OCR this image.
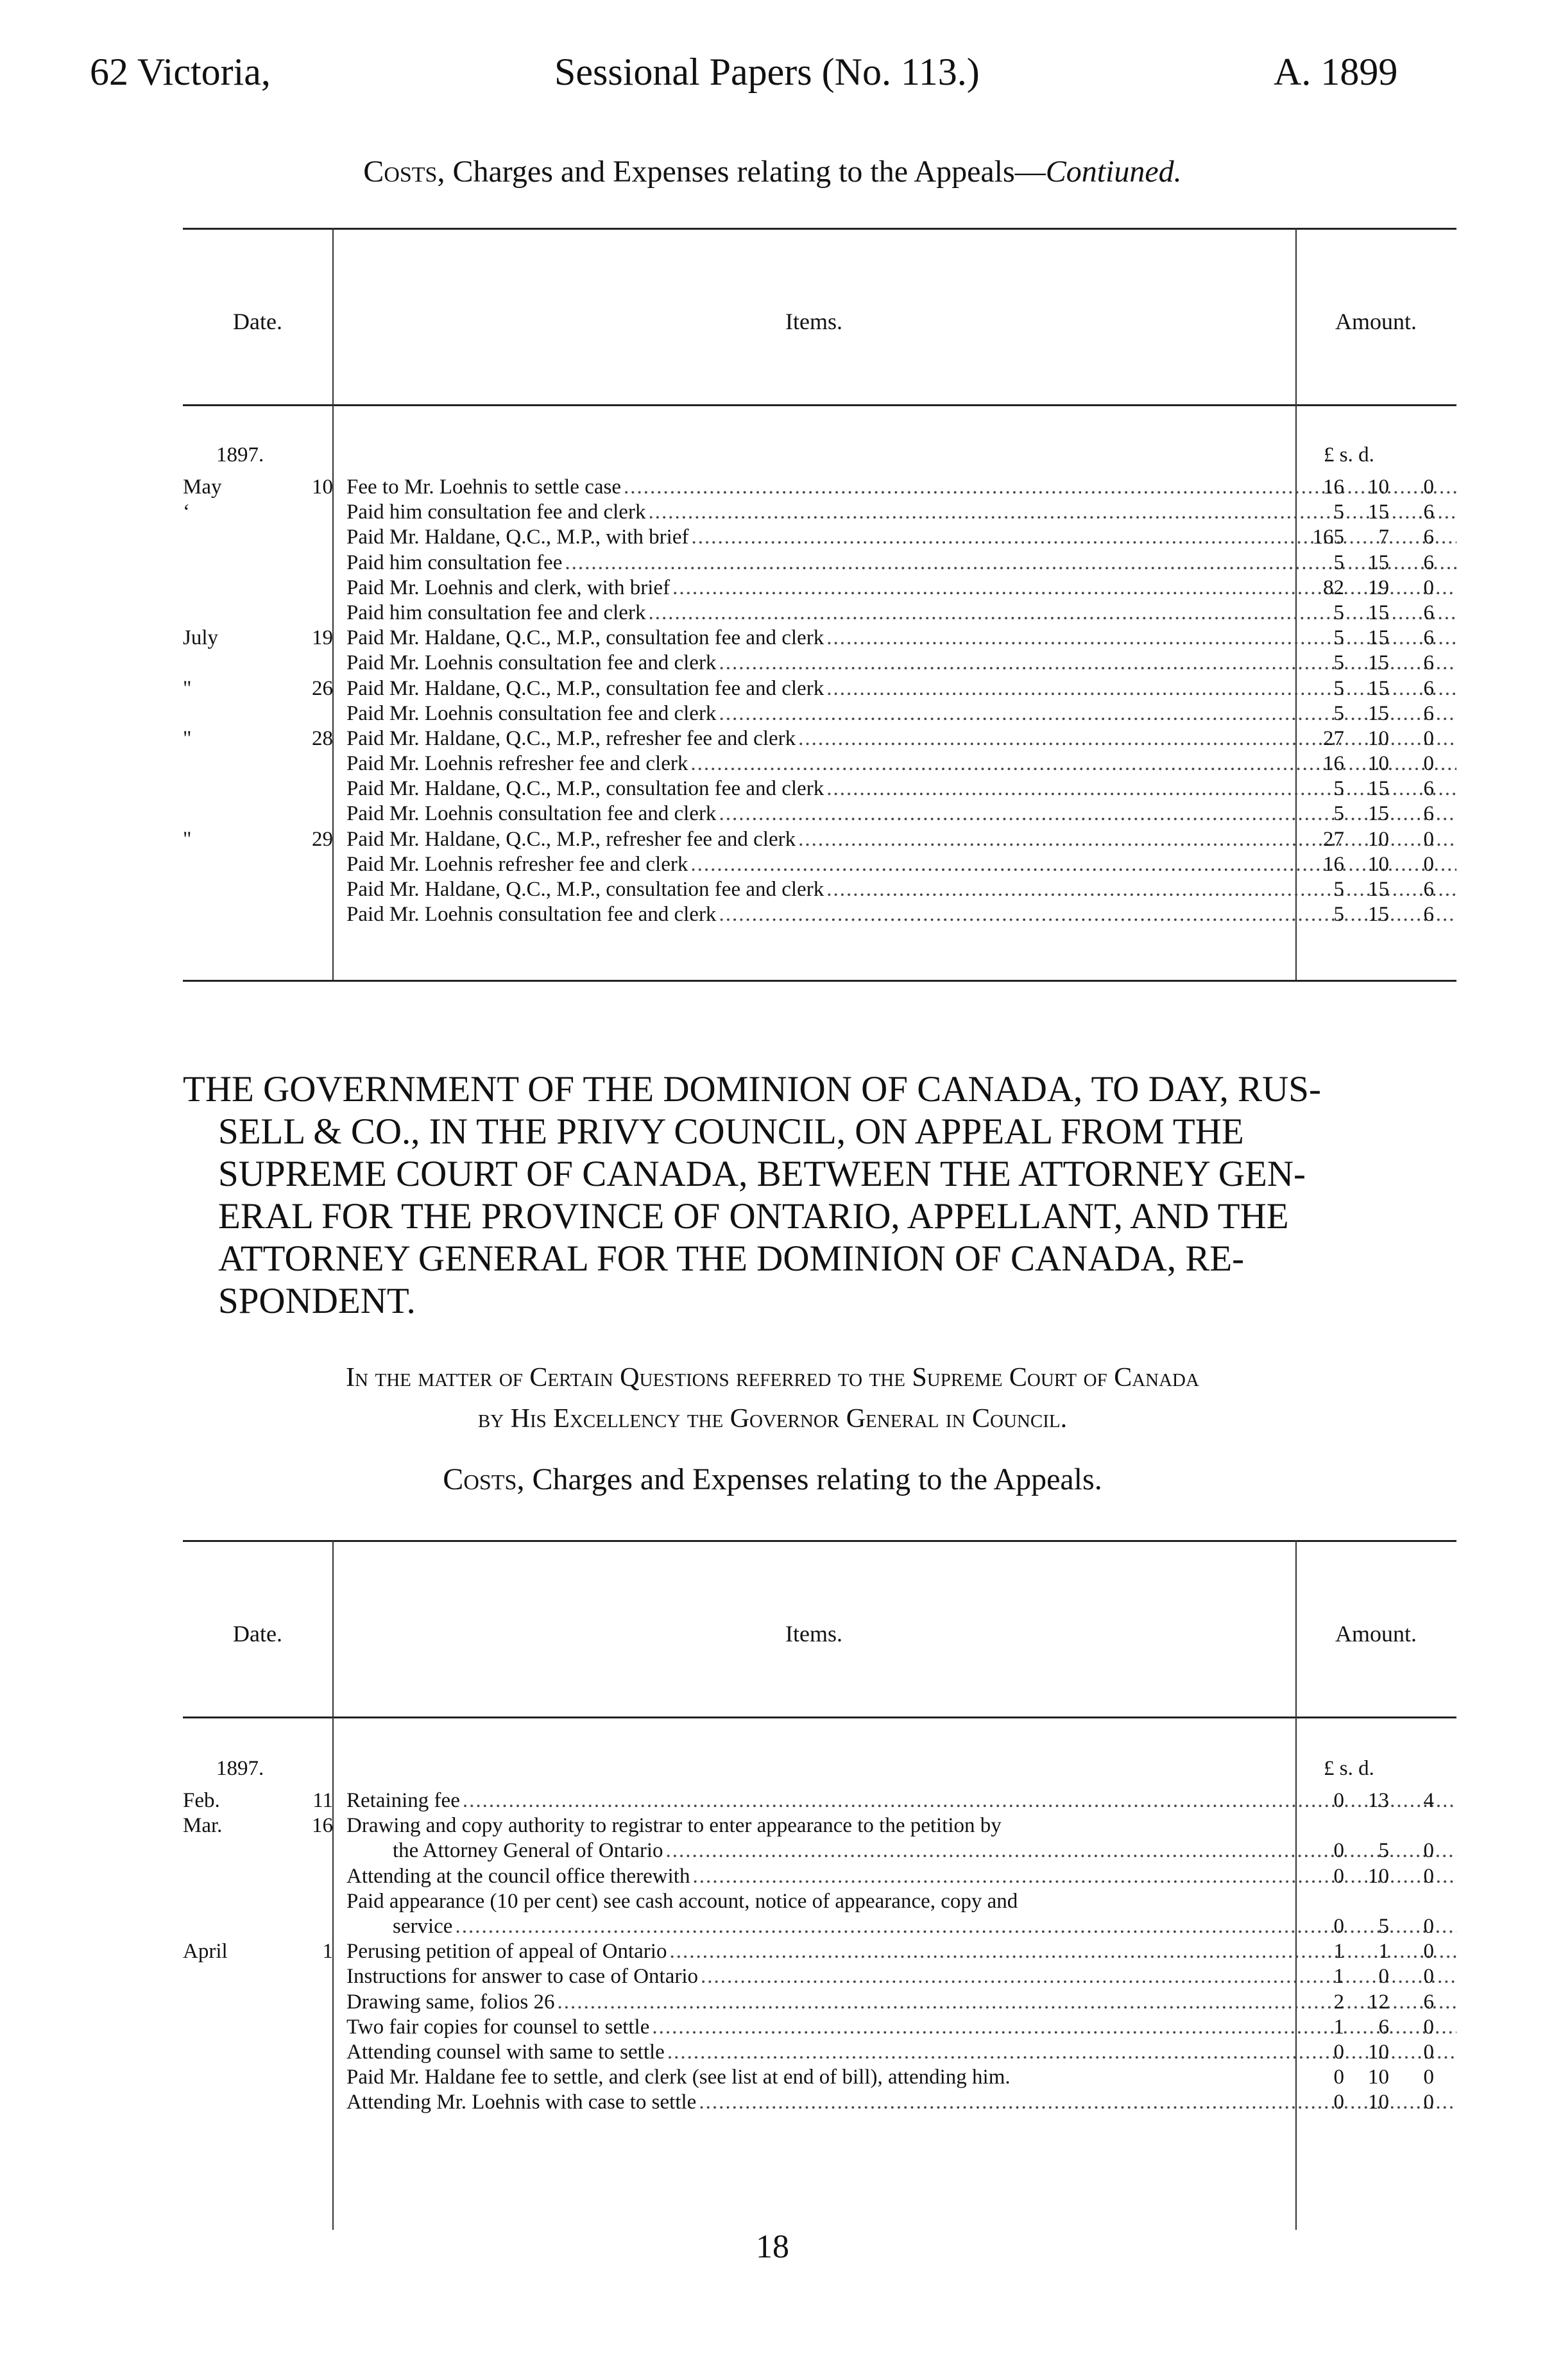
62 Victoria,	Sessional Papers (No. 113.)	A. 1899
Costs, Charges and Expenses relating to the Appeals—Contiuned.
Date.	Items.	Amount.
1897.	£ s. d.
May	10 Fee to Mr. Loehnis to settle case .....	16	10	0
‘	Paid him consultation fee and clerk .....	5	15	6
Paid Mr. Haldane, Q.C., M.P., with brief .....	165	7	6
Paid him consultation fee .....	5	15	6
Paid Mr. Loehnis and clerk, with brief .....	82	19	0
Paid him consultation fee and clerk .....	5	15	6
July	19 Paid Mr. Haldane, Q.C., M.P., consultation fee and clerk .....	5	15	6
Paid Mr. Loehnis consultation fee and clerk .....	5	15	6
"	26 Paid Mr. Haldane, Q.C., M.P., consultation fee and clerk .....	5	15	6
Paid Mr. Loehnis consultation fee and clerk .....	5	15	6
"	28 Paid Mr. Haldane, Q.C., M.P., refresher fee and clerk .....	27	10	0
Paid Mr. Loehnis refresher fee and clerk .....	16	10	0
Paid Mr. Haldane, Q.C., M.P., consultation fee and clerk .....	5	15	6
Paid Mr. Loehnis consultation fee and clerk .....	5	15	6
"	29 Paid Mr. Haldane, Q.C., M.P., refresher fee and clerk .....	27	10	0
Paid Mr. Loehnis refresher fee and clerk .....	16	10	0
Paid Mr. Haldane, Q.C., M.P., consultation fee and clerk .....	5	15	6
Paid Mr. Loehnis consultation fee and clerk .....	5	15	6
THE GOVERNMENT OF THE DOMINION OF CANADA, TO DAY, RUS-
SELL & CO., IN THE PRIVY COUNCIL, ON APPEAL FROM THE
SUPREME COURT OF CANADA, BETWEEN THE ATTORNEY GEN-
ERAL FOR THE PROVINCE OF ONTARIO, APPELLANT, AND THE
ATTORNEY GENERAL FOR THE DOMINION OF CANADA, RE-
SPONDENT.
In the matter of Certain Questions referred to the Supreme Court of Canada
by His Excellency the Governor General in Council.
Costs, Charges and Expenses relating to the Appeals.
Date.	Items.	Amount.
1897.	£ s. d.
Feb.	11 Retaining fee .....	0	13	4
Mar.	16 Drawing and copy authority to registrar to enter appearance to the petition by
the Attorney General of Ontario .....	0	5	0
Attending at the council office therewith .....	0	10	0
Paid appearance (10 per cent) see cash account, notice of appearance, copy and
service .....	0	5	0
April	1 Perusing petition of appeal of Ontario .....	1	1	0
Instructions for answer to case of Ontario .....	1	0	0
Drawing same, folios 26 .....	2	12	6
Two fair copies for counsel to settle .....	1	6	0
Attending counsel with same to settle .....	0	10	0
Paid Mr. Haldane fee to settle, and clerk (see list at end of bill), attending him.	0	10	0
Attending Mr. Loehnis with case to settle .....	0	10	0
18
